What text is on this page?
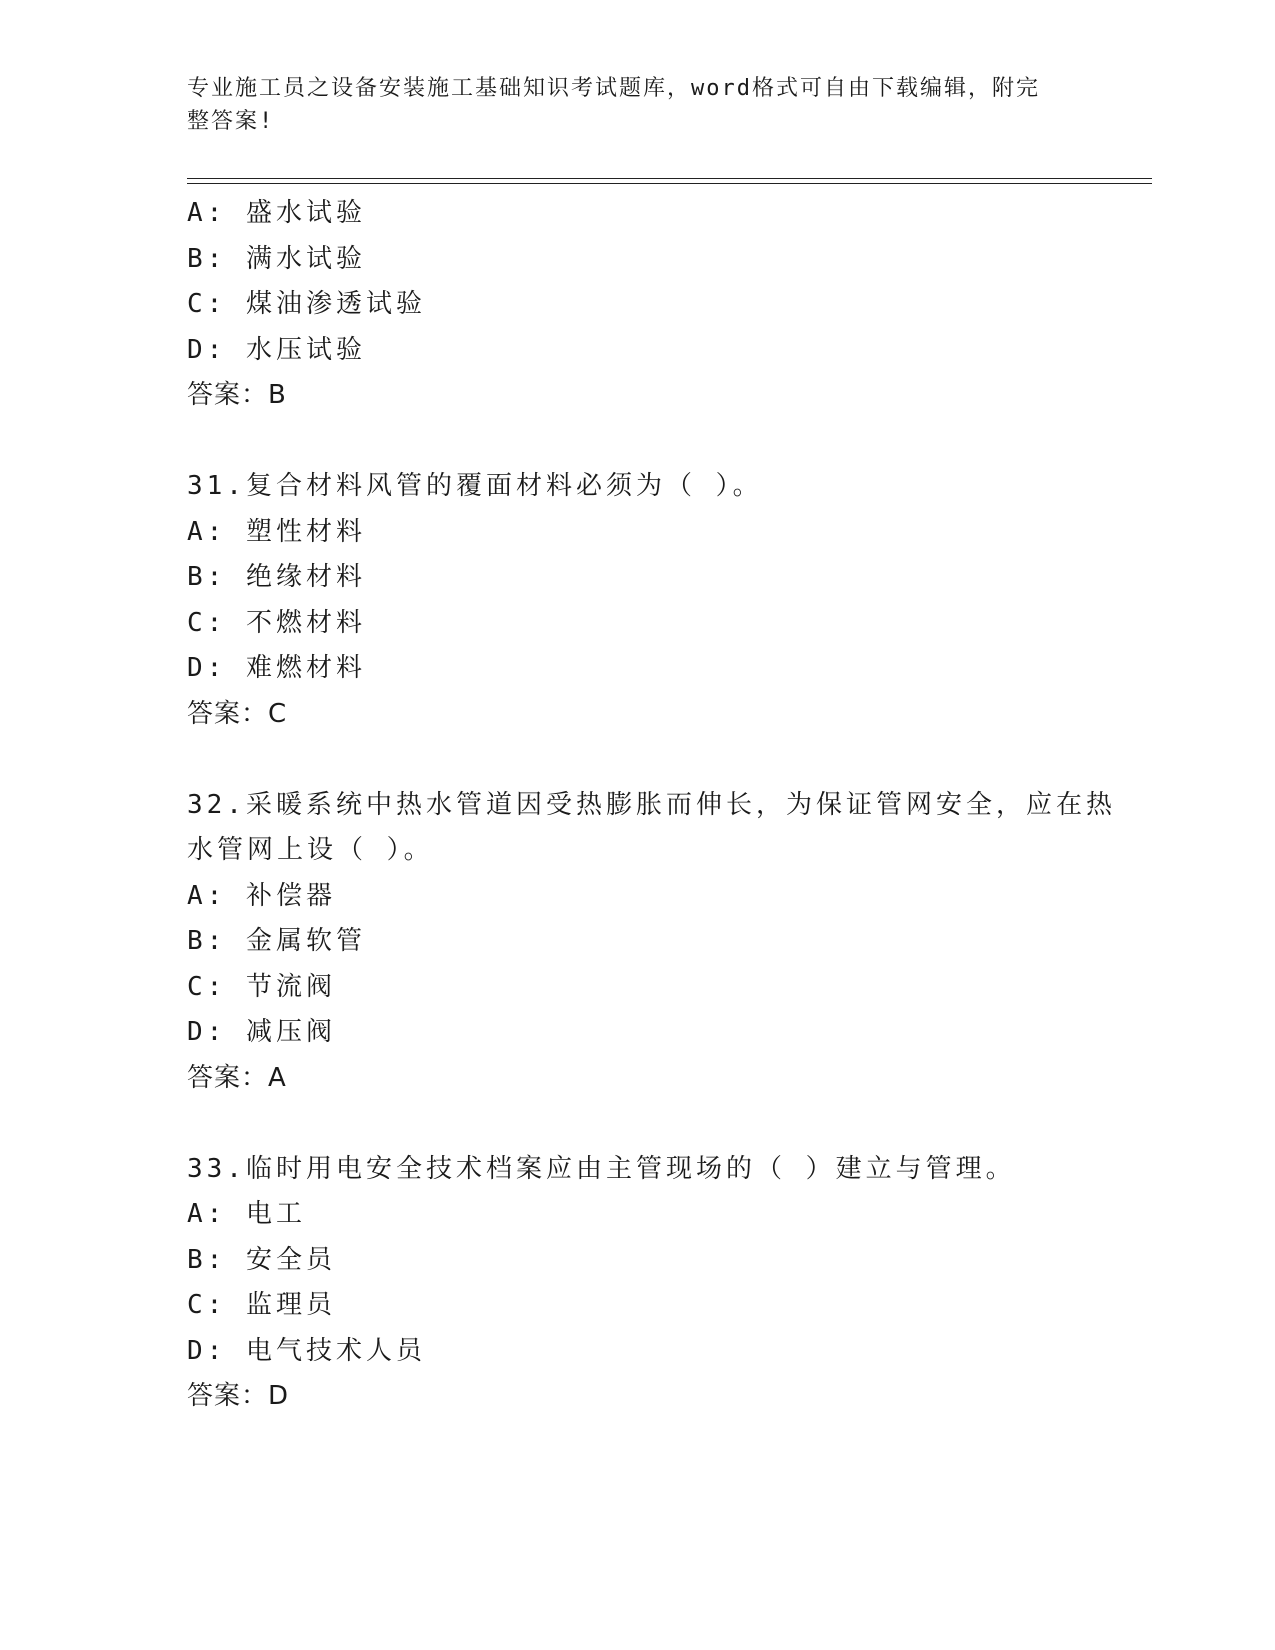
专业施工员之设备安装施工基础知识考试题库，word格式可自由下载编辑，附完
整答案!
A: 盛水试验
B: 满水试验
C: 煤油渗透试验
D: 水压试验
答案：B
31.复合材料风管的覆面材料必须为（ ）。
A: 塑性材料
B: 绝缘材料
C: 不燃材料
D: 难燃材料
答案：C
32.采暖系统中热水管道因受热膨胀而伸长，为保证管网安全，应在热
水管网上设（ ）。
A: 补偿器
B: 金属软管
C: 节流阀
D: 减压阀
答案：A
33.临时用电安全技术档案应由主管现场的（ ）建立与管理。
A: 电工
B: 安全员
C: 监理员
D: 电气技术人员
答案：D
